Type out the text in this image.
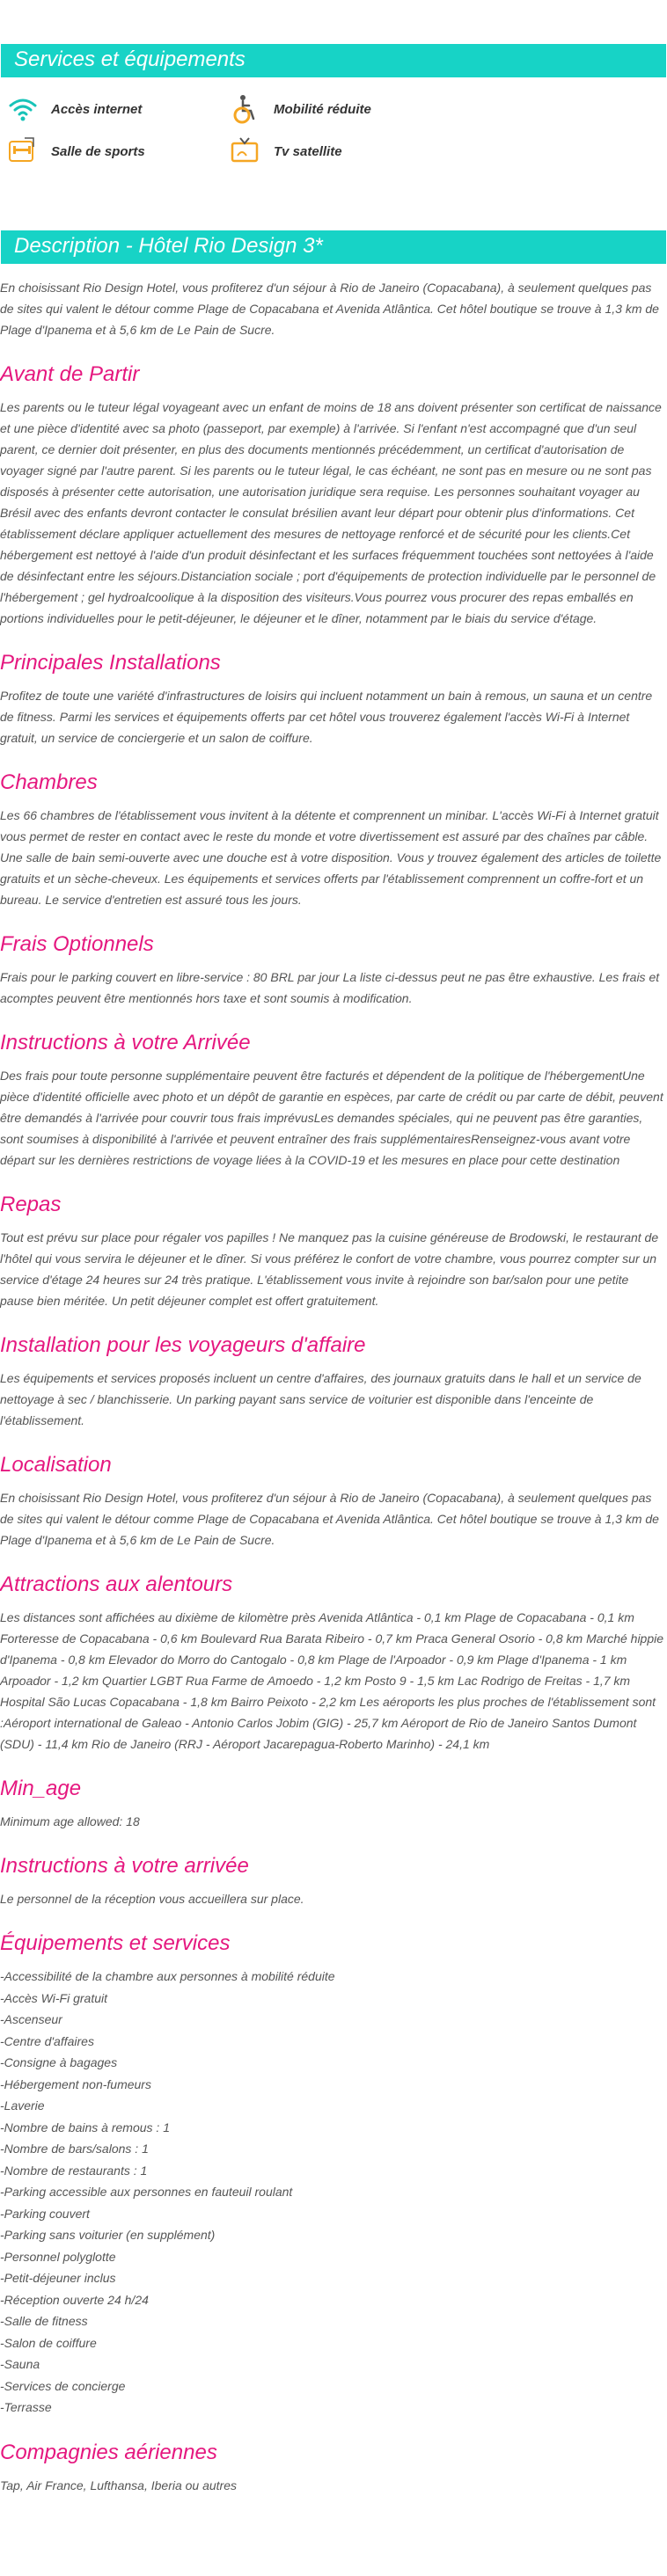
Services et équipements
Accès internet	Mobilité réduite
Salle de sports	Tv satellite
Description - Hôtel Rio Design 3*

En choisissant Rio Design Hotel, vous profiterez d'un séjour à Rio de Janeiro (Copacabana), à seulement quelques pas de sites qui valent le détour comme Plage de Copacabana et Avenida Atlântica. Cet hôtel boutique se trouve à 1,3 km de Plage d'Ipanema et à 5,6 km de Le Pain de Sucre.

Avant de Partir

Les parents ou le tuteur légal voyageant avec un enfant de moins de 18 ans doivent présenter son certificat de naissance et une pièce d'identité avec sa photo (passeport, par exemple) à l'arrivée. Si l'enfant n'est accompagné que d'un seul parent, ce dernier doit présenter, en plus des documents mentionnés précédemment, un certificat d'autorisation de voyager signé par l'autre parent. Si les parents ou le tuteur légal, le cas échéant, ne sont pas en mesure ou ne sont pas disposés à présenter cette autorisation, une autorisation juridique sera requise. Les personnes souhaitant voyager au Brésil avec des enfants devront contacter le consulat brésilien avant leur départ pour obtenir plus d'informations. Cet établissement déclare appliquer actuellement des mesures de nettoyage renforcé et de sécurité pour les clients.Cet hébergement est nettoyé à l'aide d'un produit désinfectant et les surfaces fréquemment touchées sont nettoyées à l'aide de désinfectant entre les séjours.Distanciation sociale ; port d'équipements de protection individuelle par le personnel de l'hébergement ; gel hydroalcoolique à la disposition des visiteurs.Vous pourrez vous procurer des repas emballés en portions individuelles pour le petit-déjeuner, le déjeuner et le dîner, notamment par le biais du service d'étage.

Principales Installations

Profitez de toute une variété d'infrastructures de loisirs qui incluent notamment un bain à remous, un sauna et un centre de fitness. Parmi les services et équipements offerts par cet hôtel vous trouverez également l'accès Wi-Fi à Internet gratuit, un service de conciergerie et un salon de coiffure.

Chambres

Les 66 chambres de l'établissement vous invitent à la détente et comprennent un minibar. L'accès Wi-Fi à Internet gratuit vous permet de rester en contact avec le reste du monde et votre divertissement est assuré par des chaînes par câble. Une salle de bain semi-ouverte avec une douche est à votre disposition. Vous y trouvez également des articles de toilette gratuits et un sèche-cheveux. Les équipements et services offerts par l'établissement comprennent un coffre-fort et un bureau. Le service d'entretien est assuré tous les jours.

Frais Optionnels

Frais pour le parking couvert en libre-service : 80 BRL par jour La liste ci-dessus peut ne pas être exhaustive. Les frais et acomptes peuvent être mentionnés hors taxe et sont soumis à modification.

Instructions à votre Arrivée

Des frais pour toute personne supplémentaire peuvent être facturés et dépendent de la politique de l'hébergementUne pièce d'identité officielle avec photo et un dépôt de garantie en espèces, par carte de crédit ou par carte de débit, peuvent être demandés à l'arrivée pour couvrir tous frais imprévusLes demandes spéciales, qui ne peuvent pas être garanties, sont soumises à disponibilité à l'arrivée et peuvent entraîner des frais supplémentairesRenseignez-vous avant votre départ sur les dernières restrictions de voyage liées à la COVID-19 et les mesures en place pour cette destination

Repas

Tout est prévu sur place pour régaler vos papilles ! Ne manquez pas la cuisine généreuse de Brodowski, le restaurant de l'hôtel qui vous servira le déjeuner et le dîner. Si vous préférez le confort de votre chambre, vous pourrez compter sur un service d'étage 24 heures sur 24 très pratique. L'établissement vous invite à rejoindre son bar/salon pour une petite pause bien méritée. Un petit déjeuner complet est offert gratuitement.

Installation pour les voyageurs d'affaire

Les équipements et services proposés incluent un centre d'affaires, des journaux gratuits dans le hall et un service de nettoyage à sec / blanchisserie. Un parking payant sans service de voiturier est disponible dans l'enceinte de l'établissement.

Localisation

En choisissant Rio Design Hotel, vous profiterez d'un séjour à Rio de Janeiro (Copacabana), à seulement quelques pas de sites qui valent le détour comme Plage de Copacabana et Avenida Atlântica. Cet hôtel boutique se trouve à 1,3 km de Plage d'Ipanema et à 5,6 km de Le Pain de Sucre.

Attractions aux alentours

Les distances sont affichées au dixième de kilomètre près Avenida Atlântica - 0,1 km Plage de Copacabana - 0,1 km Forteresse de Copacabana - 0,6 km Boulevard Rua Barata Ribeiro - 0,7 km Praca General Osorio - 0,8 km Marché hippie d'Ipanema - 0,8 km Elevador do Morro do Cantogalo - 0,8 km Plage de l'Arpoador - 0,9 km Plage d'Ipanema - 1 km Arpoador - 1,2 km Quartier LGBT Rua Farme de Amoedo - 1,2 km Posto 9 - 1,5 km Lac Rodrigo de Freitas - 1,7 km Hospital São Lucas Copacabana - 1,8 km Bairro Peixoto - 2,2 km Les aéroports les plus proches de l'établissement sont :Aéroport international de Galeao - Antonio Carlos Jobim (GIG) - 25,7 km Aéroport de Rio de Janeiro Santos Dumont (SDU) - 11,4 km Rio de Janeiro (RRJ - Aéroport Jacarepagua-Roberto Marinho) - 24,1 km

Min_age

Minimum age allowed: 18

Instructions à votre arrivée

Le personnel de la réception vous accueillera sur place.

Équipements et services
-Accessibilité de la chambre aux personnes à mobilité réduite
-Accès Wi-Fi gratuit
-Ascenseur
-Centre d'affaires
-Consigne à bagages
-Hébergement non-fumeurs
-Laverie
-Nombre de bains à remous : 1
-Nombre de bars/salons : 1
-Nombre de restaurants : 1
-Parking accessible aux personnes en fauteuil roulant
-Parking couvert
-Parking sans voiturier (en supplément)
-Personnel polyglotte
-Petit-déjeuner inclus
-Réception ouverte 24 h/24
-Salle de fitness
-Salon de coiffure
-Sauna
-Services de concierge
-Terrasse
Compagnies aériennes

Tap, Air France, Lufthansa, Iberia ou autres
